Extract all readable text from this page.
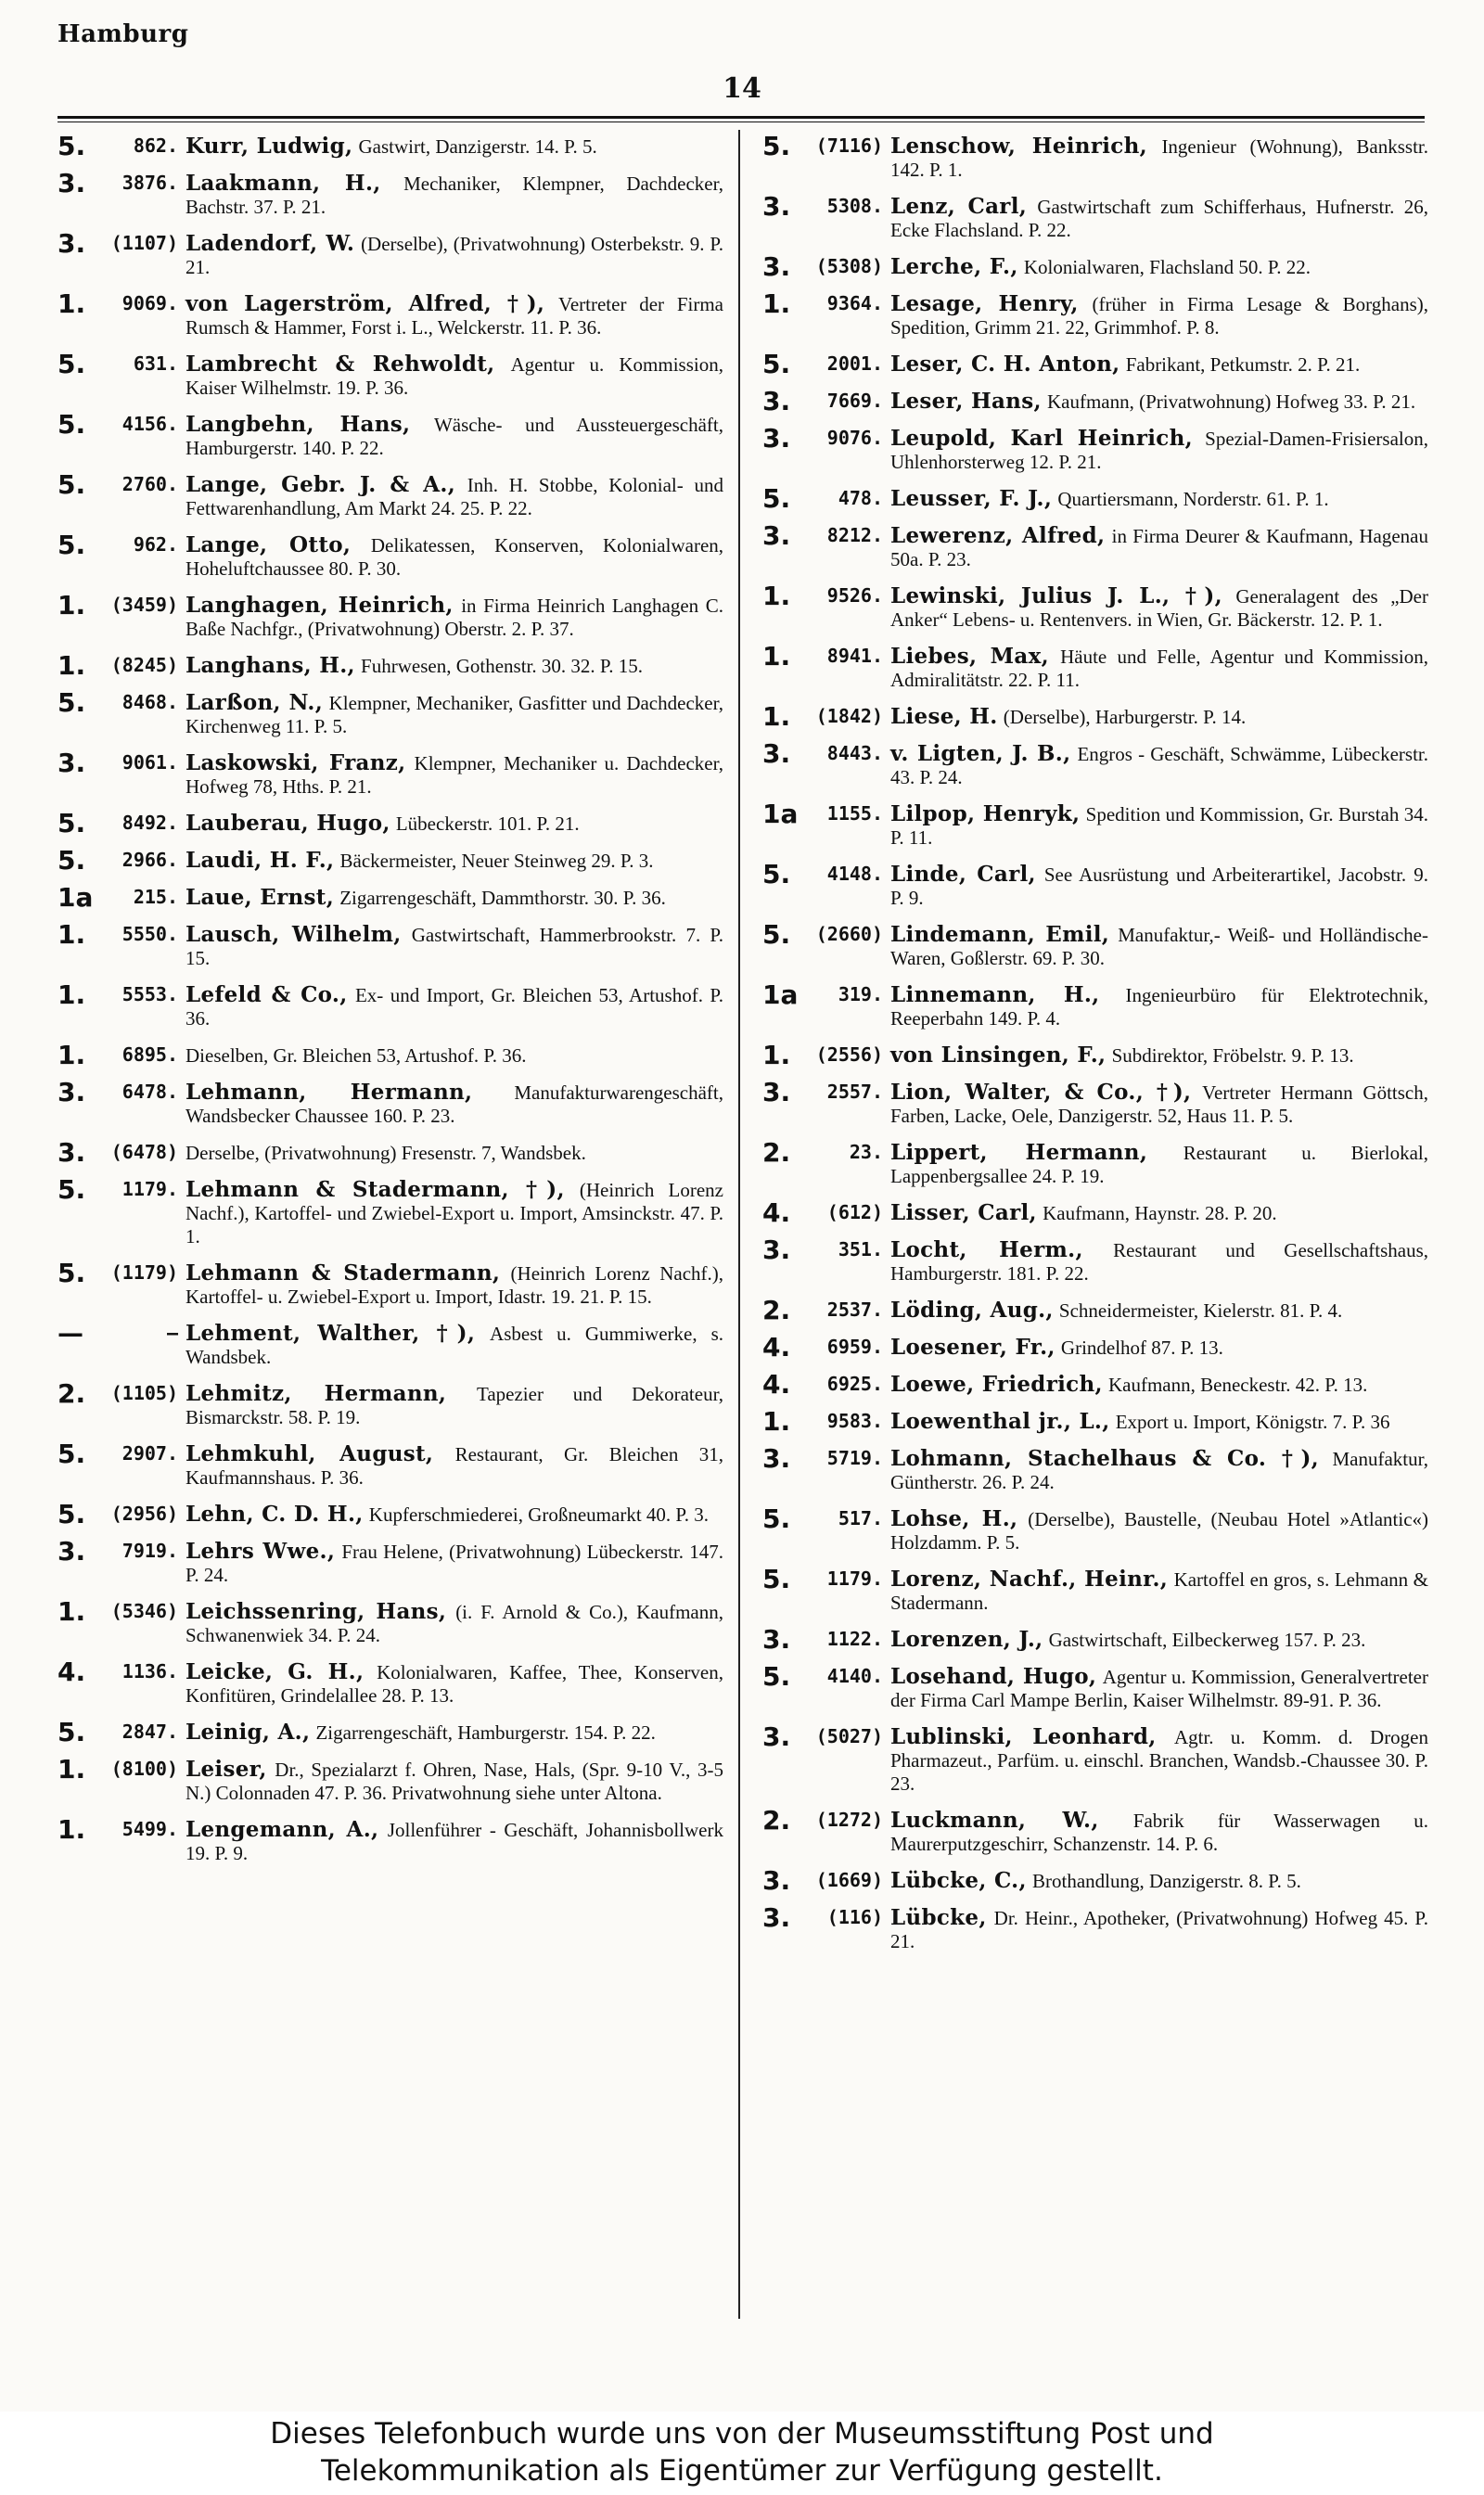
Hamburg
14
5.	862. Kurr, Ludwig, Gastwirt, Danzigerstr. 14. P. 5.
3.	3876. Laakmann, H., Mechaniker, Klempner, Dachdecker, Bachstr. 37. P. 21.
3.	(1107) Ladendorf, W. (Derselbe), (Privatwohnung) Osterbekstr. 9. P. 21.
1.	9069. von Lagerström, Alfred, †), Vertreter der Firma Rumsch & Hammer, Forst i. L., Welckerstr. 11. P. 36.
5.	631. Lambrecht & Rehwoldt, Agentur u. Kommission, Kaiser Wilhelmstr. 19. P. 36.
5.	4156. Langbehn, Hans, Wäsche- und Aussteuergeschäft, Hamburgerstr. 140. P. 22.
5.	2760. Lange, Gebr. J. & A., Inh. H. Stobbe, Kolonial- und Fettwarenhandlung, Am Markt 24. 25. P. 22.
5.	962. Lange, Otto, Delikatessen, Konserven, Kolonialwaren, Hoheluftchaussee 80. P. 30.
1.	(3459) Langhagen, Heinrich, in Firma Heinrich Langhagen C. Baße Nachfgr., (Privatwohnung) Oberstr. 2. P. 37.
1.	(8245) Langhans, H., Fuhrwesen, Gothenstr. 30. 32. P. 15.
5.	8468. Larßon, N., Klempner, Mechaniker, Gasfitter und Dachdecker, Kirchenweg 11. P. 5.
3.	9061. Laskowski, Franz, Klempner, Mechaniker u. Dachdecker, Hofweg 78, Hths. P. 21.
5.	8492. Lauberau, Hugo, Lübeckerstr. 101. P. 21.
5.	2966. Laudi, H. F., Bäckermeister, Neuer Steinweg 29. P. 3.
1a	215. Laue, Ernst, Zigarrengeschäft, Dammthorstr. 30. P. 36.
1.	5550. Lausch, Wilhelm, Gastwirtschaft, Hammerbrookstr. 7. P. 15.
1.	5553. Lefeld & Co., Ex- und Import, Gr. Bleichen 53, Artushof. P. 36.
1.	6895. Dieselben, Gr. Bleichen 53, Artushof. P. 36.
3.	6478. Lehmann, Hermann, Manufakturwarengeschäft, Wandsbecker Chaussee 160. P. 23.
3.	(6478) Derselbe, (Privatwohnung) Fresenstr. 7, Wandsbek.
5.	1179. Lehmann & Stadermann, †), (Heinrich Lorenz Nachf.), Kartoffel- und Zwiebel-Export u. Import, Amsinckstr. 47. P. 1.
5.	(1179) Lehmann & Stadermann, (Heinrich Lorenz Nachf.), Kartoffel- u. Zwiebel-Export u. Import, Idastr. 19. 21. P. 15.
—	— Lehment, Walther, †), Asbest u. Gummiwerke, s. Wandsbek.
2.	(1105) Lehmitz, Hermann, Tapezier und Dekorateur, Bismarckstr. 58. P. 19.
5.	2907. Lehmkuhl, August, Restaurant, Gr. Bleichen 31, Kaufmannshaus. P. 36.
5.	(2956) Lehn, C. D. H., Kupferschmiederei, Großneumarkt 40. P. 3.
3.	7919. Lehrs Wwe., Frau Helene, (Privatwohnung) Lübeckerstr. 147. P. 24.
1.	(5346) Leichssenring, Hans, (i. F. Arnold & Co.), Kaufmann, Schwanenwiek 34. P. 24.
4.	1136. Leicke, G. H., Kolonialwaren, Kaffee, Thee, Konserven, Konfitüren, Grindelallee 28. P. 13.
5.	2847. Leinig, A., Zigarrengeschäft, Hamburgerstr. 154. P. 22.
1.	(8100) Leiser, Dr., Spezialarzt f. Ohren, Nase, Hals, (Spr. 9-10 V., 3-5 N.) Colonnaden 47. P. 36. Privatwohnung siehe unter Altona.
1.	5499. Lengemann, A., Jollenführer - Geschäft, Johannisbollwerk 19. P. 9.
5.	(7116) Lenschow, Heinrich, Ingenieur (Wohnung), Banksstr. 142. P. 1.
3.	5308. Lenz, Carl, Gastwirtschaft zum Schifferhaus, Hufnerstr. 26, Ecke Flachsland. P. 22.
3.	(5308) Lerche, F., Kolonialwaren, Flachsland 50. P. 22.
1.	9364. Lesage, Henry, (früher in Firma Lesage & Borghans), Spedition, Grimm 21. 22, Grimmhof. P. 8.
5.	2001. Leser, C. H. Anton, Fabrikant, Petkumstr. 2. P. 21.
3.	7669. Leser, Hans, Kaufmann, (Privatwohnung) Hofweg 33. P. 21.
3.	9076. Leupold, Karl Heinrich, Spezial-Damen-Frisiersalon, Uhlenhorsterweg 12. P. 21.
5.	478. Leusser, F. J., Quartiersmann, Norderstr. 61. P. 1.
3.	8212. Lewerenz, Alfred, in Firma Deurer & Kaufmann, Hagenau 50a. P. 23.
1.	9526. Lewinski, Julius J. L., †), Generalagent des „Der Anker“ Lebens- u. Rentenvers. in Wien, Gr. Bäckerstr. 12. P. 1.
1.	8941. Liebes, Max, Häute und Felle, Agentur und Kommission, Admiralitätstr. 22. P. 11.
1.	(1842) Liese, H. (Derselbe), Harburgerstr. P. 14.
3.	8443. v. Ligten, J. B., Engros - Geschäft, Schwämme, Lübeckerstr. 43. P. 24.
1a	1155. Lilpop, Henryk, Spedition und Kommission, Gr. Burstah 34. P. 11.
5.	4148. Linde, Carl, See Ausrüstung und Arbeiterartikel, Jacobstr. 9. P. 9.
5.	(2660) Lindemann, Emil, Manufaktur,- Weiß- und Holländische-Waren, Goßlerstr. 69. P. 30.
1a	319. Linnemann, H., Ingenieurbüro für Elektrotechnik, Reeperbahn 149. P. 4.
1.	(2556) von Linsingen, F., Subdirektor, Fröbelstr. 9. P. 13.
3.	2557. Lion, Walter, & Co., †), Vertreter Hermann Göttsch, Farben, Lacke, Oele, Danzigerstr. 52, Haus 11. P. 5.
2.	23. Lippert, Hermann, Restaurant u. Bierlokal, Lappenbergsallee 24. P. 19.
4.	(612) Lisser, Carl, Kaufmann, Haynstr. 28. P. 20.
3.	351. Locht, Herm., Restaurant und Gesellschaftshaus, Hamburgerstr. 181. P. 22.
2.	2537. Löding, Aug., Schneidermeister, Kielerstr. 81. P. 4.
4.	6959. Loesener, Fr., Grindelhof 87. P. 13.
4.	6925. Loewe, Friedrich, Kaufmann, Beneckestr. 42. P. 13.
1.	9583. Loewenthal jr., L., Export u. Import, Königstr. 7. P. 36
3.	5719. Lohmann, Stachelhaus & Co. †), Manufaktur, Güntherstr. 26. P. 24.
5.	517. Lohse, H., (Derselbe), Baustelle, (Neubau Hotel »Atlantic«) Holzdamm. P. 5.
5.	1179. Lorenz, Nachf., Heinr., Kartoffel en gros, s. Lehmann & Stadermann.
3.	1122. Lorenzen, J., Gastwirtschaft, Eilbeckerweg 157. P. 23.
5.	4140. Losehand, Hugo, Agentur u. Kommission, Generalvertreter der Firma Carl Mampe Berlin, Kaiser Wilhelmstr. 89-91. P. 36.
3.	(5027) Lublinski, Leonhard, Agtr. u. Komm. d. Drogen Pharmazeut., Parfüm. u. einschl. Branchen, Wandsb.-Chaussee 30. P. 23.
2.	(1272) Luckmann, W., Fabrik für Wasserwagen u. Maurerputzgeschirr, Schanzenstr. 14. P. 6.
3.	(1669) Lübcke, C., Brothandlung, Danzigerstr. 8. P. 5.
3.	(116) Lübcke, Dr. Heinr., Apotheker, (Privatwohnung) Hofweg 45. P. 21.
Dieses Telefonbuch wurde uns von der Museumsstiftung Post und
Telekommunikation als Eigentümer zur Verfügung gestellt.
